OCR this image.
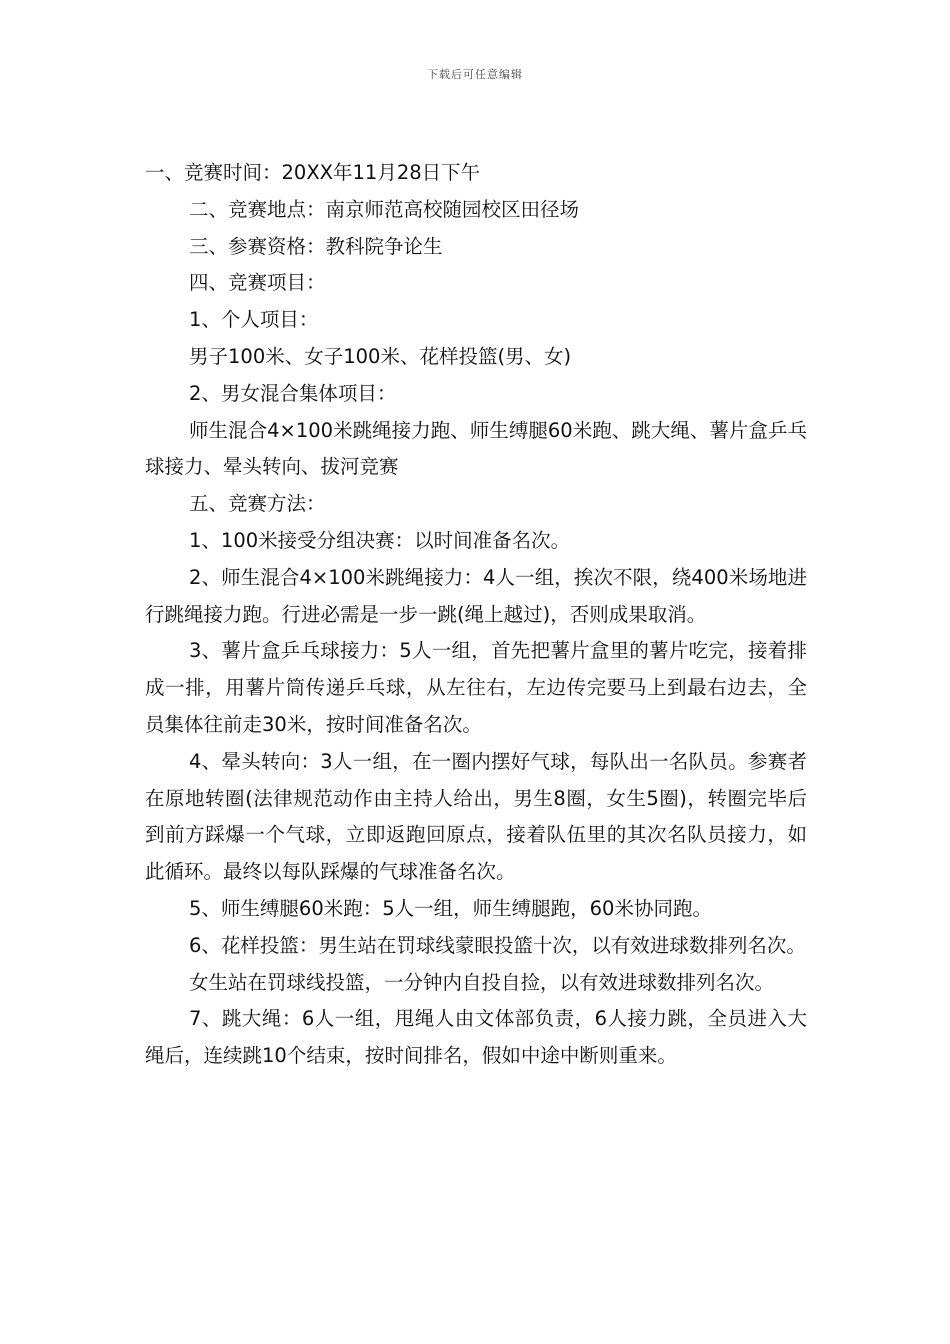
下载后可任意编辑

一、竞赛时间：20XX年11月28日下午

二、竞赛地点：南京师范高校随园校区田径场

三、参赛资格：教科院争论生

四、竞赛项目：

1、个人项目：

男子100米、女子100米、花样投篮(男、女)

2、男女混合集体项目：

师生混合4×100米跳绳接力跑、师生缚腿60米跑、跳大绳、薯片盒乒乓球接力、晕头转向、拔河竞赛

五、竞赛方法：

1、100米接受分组决赛：以时间准备名次。

2、师生混合4×100米跳绳接力：4人一组，挨次不限，绕400米场地进行跳绳接力跑。行进必需是一步一跳(绳上越过)，否则成果取消。

3、薯片盒乒乓球接力：5人一组，首先把薯片盒里的薯片吃完，接着排成一排，用薯片筒传递乒乓球，从左往右，左边传完要马上到最右边去，全员集体往前走30米，按时间准备名次。

4、晕头转向：3人一组，在一圈内摆好气球，每队出一名队员。参赛者在原地转圈(法律规范动作由主持人给出，男生8圈，女生5圈)，转圈完毕后到前方踩爆一个气球，立即返跑回原点，接着队伍里的其次名队员接力，如此循环。最终以每队踩爆的气球准备名次。

5、师生缚腿60米跑：5人一组，师生缚腿跑，60米协同跑。

6、花样投篮：男生站在罚球线蒙眼投篮十次，以有效进球数排列名次。

女生站在罚球线投篮，一分钟内自投自捡，以有效进球数排列名次。

7、跳大绳：6人一组，甩绳人由文体部负责，6人接力跳，全员进入大绳后，连续跳10个结束，按时间排名，假如中途中断则重来。
